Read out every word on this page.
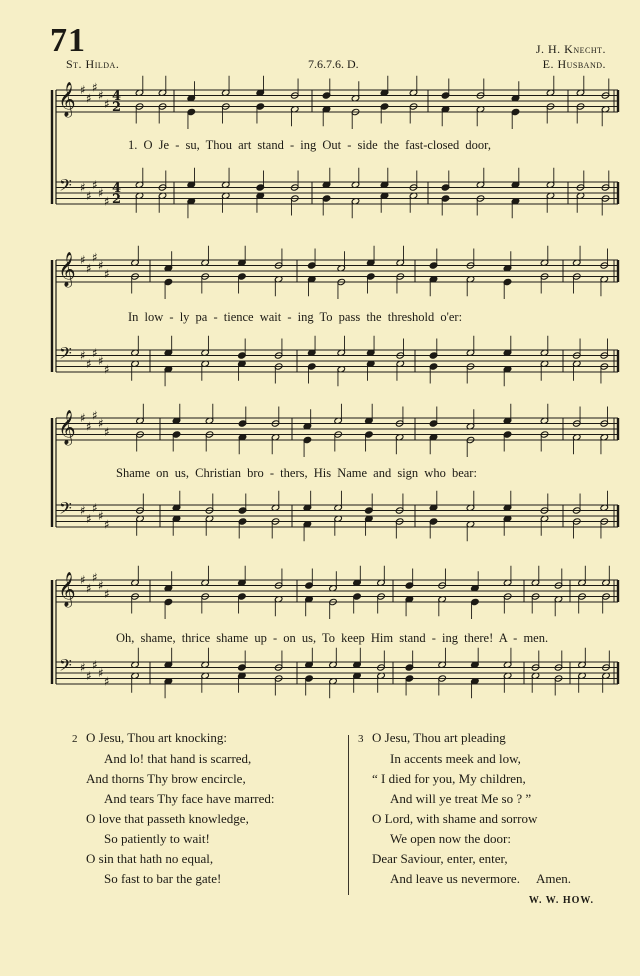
71
St. Hilda.	7.6.7.6. D.
J. H. Knecht.
E. Husband.
𝄞
𝄢
♯
♯
♯
♯
♯
♯
♯
♯
♯
♯
4
2
4
2
𝄞
𝄢
♯
♯
♯
♯
♯
♯
♯
♯
♯
♯
𝄞
𝄢
♯
♯
♯
♯
♯
♯
♯
♯
♯
♯
𝄞
𝄢
♯
♯
♯
♯
♯
♯
♯
♯
♯
♯
1. O Je - su, Thou art stand - ing Out - side the fast-closed door,
In low - ly pa - tience wait - ing To pass the threshold o'er:
Shame on us, Christian bro - thers, His Name and sign who bear:
Oh, shame, thrice shame up - on us, To keep Him stand - ing there! A - men.
2 O Jesu, Thou art knocking:
And lo! that hand is scarred,
And thorns Thy brow encircle,
And tears Thy face have marred:
O love that passeth knowledge,
So patiently to wait!
O sin that hath no equal,
So fast to bar the gate!
3 O Jesu, Thou art pleading
In accents meek and low,
“ I died for you, My children,
And will ye treat Me so ? ”
O Lord, with shame and sorrow
We open now the door:
Dear Saviour, enter, enter,
And leave us nevermore. Amen.
W. W. HOW.
